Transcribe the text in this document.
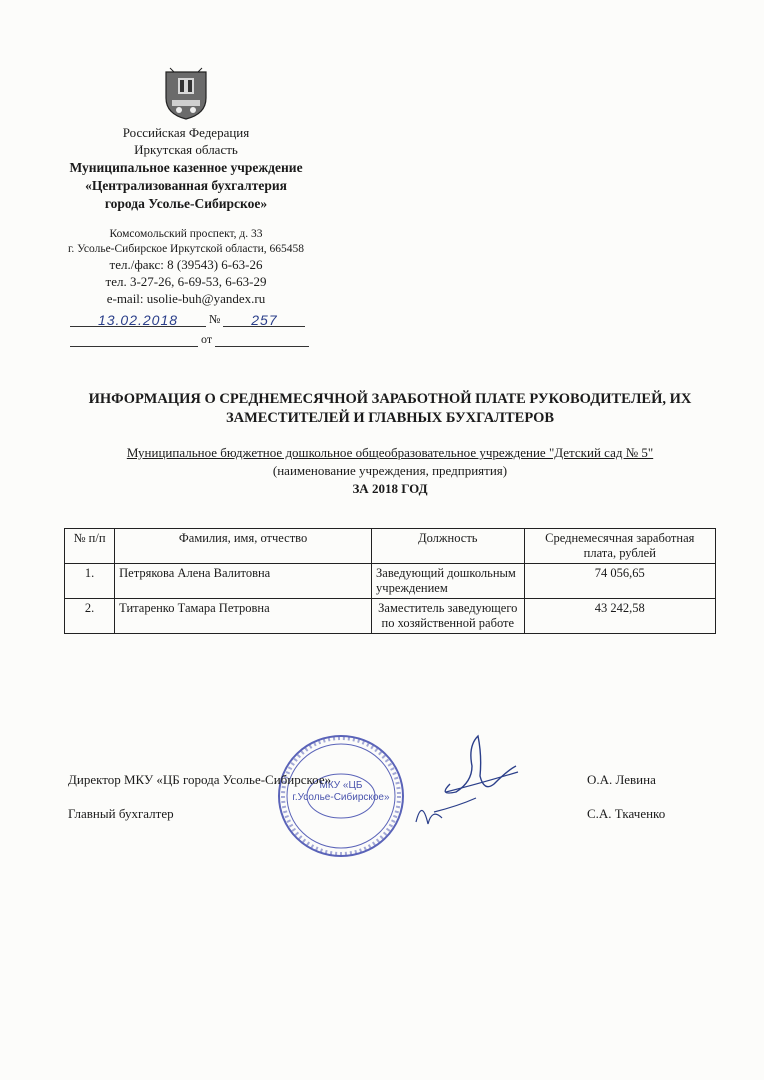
Российская Федерация
Иркутская область
Муниципальное казенное учреждение
«Централизованная бухгалтерия
города Усолье-Сибирское»
Комсомольский проспект, д. 33
г. Усолье-Сибирское Иркутской области, 665458
тел./факс: 8 (39543) 6-63-26
тел. 3-27-26, 6-69-53, 6-63-29
e-mail: usolie-buh@yandex.ru
13.02.2018	№ 257
от
ИНФОРМАЦИЯ О СРЕДНЕМЕСЯЧНОЙ ЗАРАБОТНОЙ ПЛАТЕ РУКОВОДИТЕЛЕЙ, ИХ
ЗАМЕСТИТЕЛЕЙ И ГЛАВНЫХ БУХГАЛТЕРОВ
Муниципальное бюджетное дошкольное общеобразовательное учреждение "Детский сад № 5"
(наименование учреждения, предприятия)
ЗА 2018 ГОД
№ п/п	Фамилия, имя, отчество	Должность	Среднемесячная заработная плата, рублей
1.	Петрякова Алена Валитовна	Заведующий дошкольным учреждением	74 056,65
2.	Титаренко Тамара Петровна	Заместитель заведующего по хозяйственной работе	43 242,58
МКУ «ЦБ
г.Усолье-Сибирское»
Директор МКУ «ЦБ города Усолье-Сибирское»	О.А. Левина
Главный бухгалтер	С.А. Ткаченко
